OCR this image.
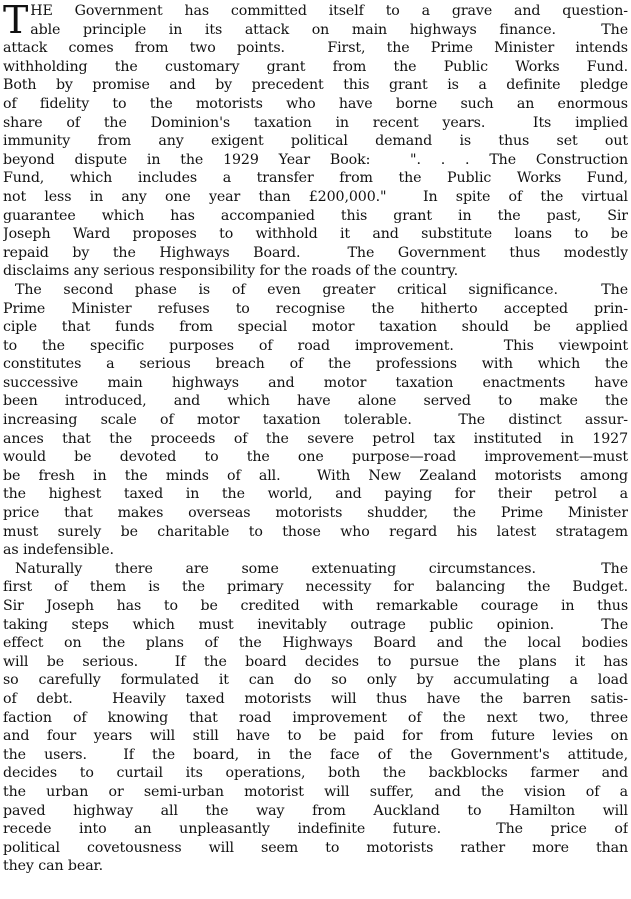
T HE Government has committed itself to a grave and question-
able principle in its attack on main highways finance.  The
attack comes from two points.  First, the Prime Minister intends
withholding the customary grant from the Public Works Fund.
Both by promise and by precedent this grant is a definite pledge
of fidelity to the motorists who have borne such an enormous
share of the Dominion's taxation in recent years.  Its implied
immunity from any exigent political demand is thus set out
beyond dispute in the 1929 Year Book:  ". . . The Construction
Fund, which includes a transfer from the Public Works Fund,
not less in any one year than £200,000."  In spite of the virtual
guarantee which has accompanied this grant in the past, Sir
Joseph Ward proposes to withhold it and substitute loans to be
repaid by the Highways Board.  The Government thus modestly
disclaims any serious responsibility for the roads of the country.
The second phase is of even greater critical significance.  The
Prime Minister refuses to recognise the hitherto accepted prin-
ciple that funds from special motor taxation should be applied
to the specific purposes of road improvement.  This viewpoint
constitutes a serious breach of the professions with which the
successive main highways and motor taxation enactments have
been introduced, and which have alone served to make the
increasing scale of motor taxation tolerable.  The distinct assur-
ances that the proceeds of the severe petrol tax instituted in 1927
would be devoted to the one purpose—road improvement—must
be fresh in the minds of all.  With New Zealand motorists among
the highest taxed in the world, and paying for their petrol a
price that makes overseas motorists shudder, the Prime Minister
must surely be charitable to those who regard his latest stratagem
as indefensible.
Naturally there are some extenuating circumstances.  The
first of them is the primary necessity for balancing the Budget.
Sir Joseph has to be credited with remarkable courage in thus
taking steps which must inevitably outrage public opinion.  The
effect on the plans of the Highways Board and the local bodies
will be serious.  If the board decides to pursue the plans it has
so carefully formulated it can do so only by accumulating a load
of debt.  Heavily taxed motorists will thus have the barren satis-
faction of knowing that road improvement of the next two, three
and four years will still have to be paid for from future levies on
the users.  If the board, in the face of the Government's attitude,
decides to curtail its operations, both the backblocks farmer and
the urban or semi-urban motorist will suffer, and the vision of a
paved highway all the way from Auckland to Hamilton will
recede into an unpleasantly indefinite future.  The price of
political covetousness will seem to motorists rather more than
they can bear.
